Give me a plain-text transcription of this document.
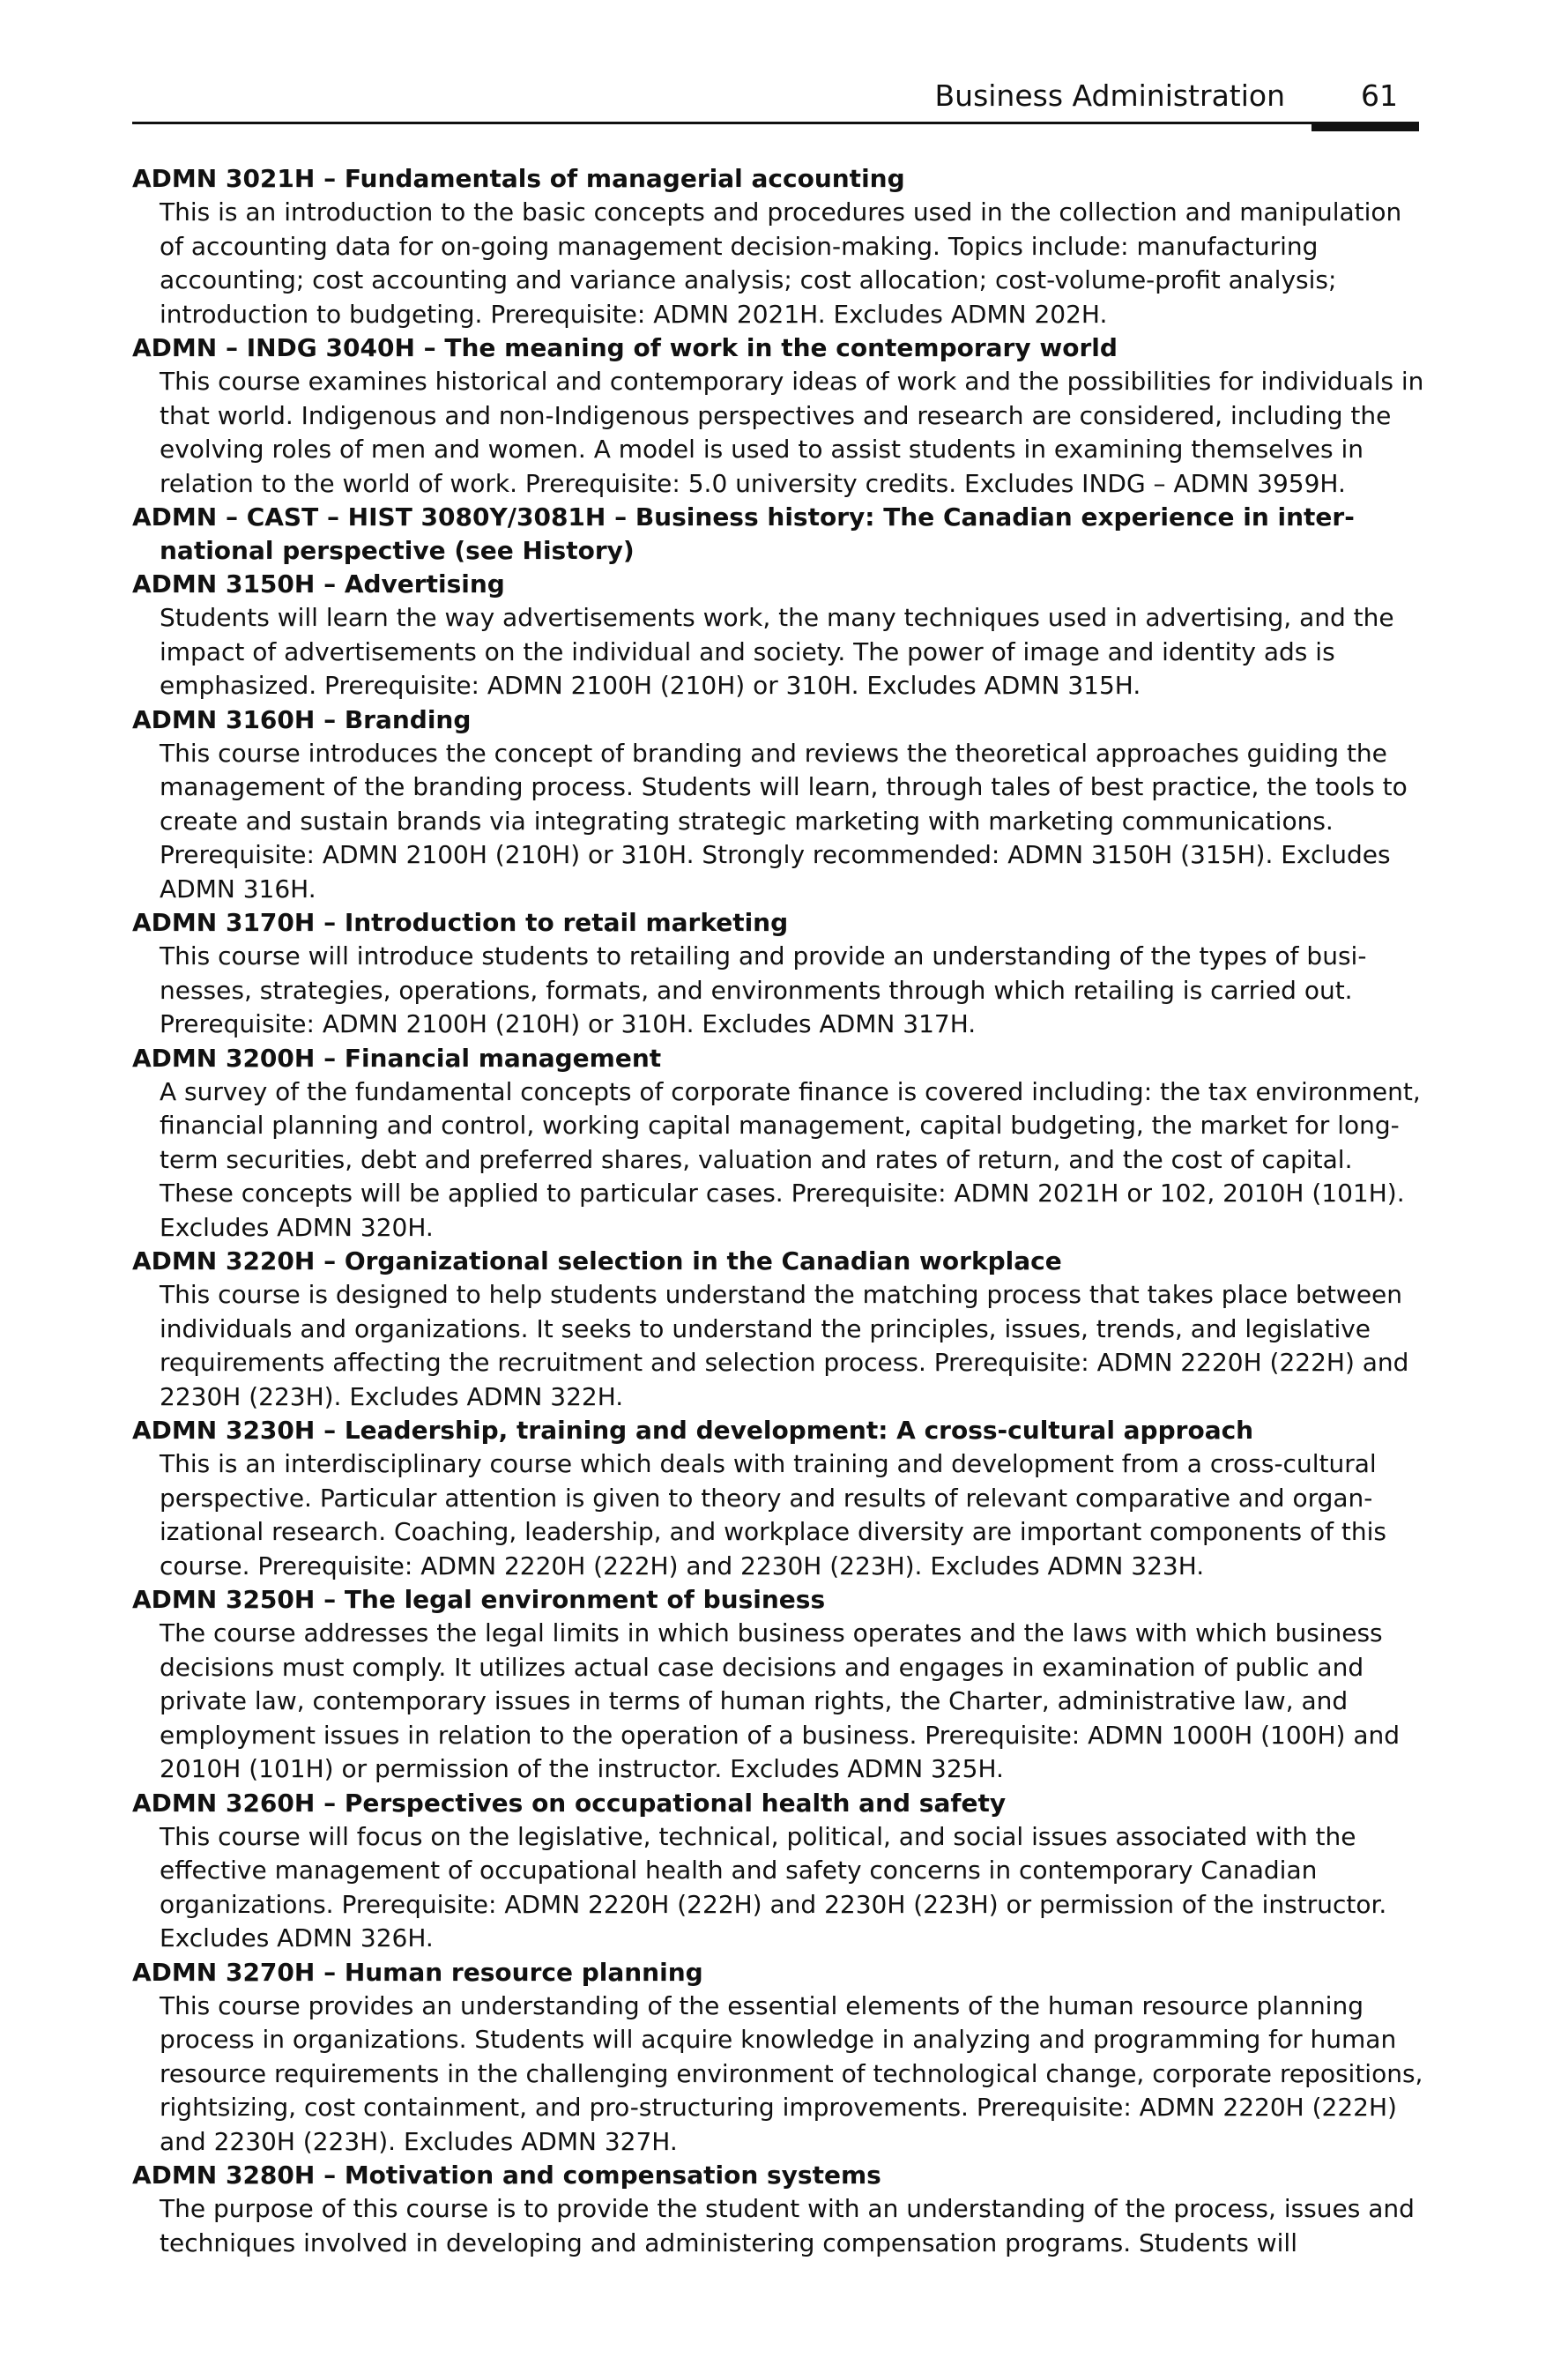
Business Administration	61

ADMN 3021H – Fundamentals of managerial accounting

This is an introduction to the basic concepts and procedures used in the collection and manipulation of accounting data for on-going management decision-making. Topics include: manufacturing accounting; cost accounting and variance analysis; cost allocation; cost-volume-profit analysis; introduction to budgeting. Prerequisite: ADMN 2021H. Excludes ADMN 202H.

ADMN – INDG 3040H – The meaning of work in the contemporary world

This course examines historical and contemporary ideas of work and the possibilities for individuals in that world. Indigenous and non-Indigenous perspectives and research are considered, including the evolving roles of men and women. A model is used to assist students in examining themselves in relation to the world of work. Prerequisite: 5.0 university credits. Excludes INDG – ADMN 3959H.

ADMN – CAST – HIST 3080Y/3081H – Business history: The Canadian experience in international perspective (see History)

ADMN 3150H – Advertising

Students will learn the way advertisements work, the many techniques used in advertising, and the impact of advertisements on the individual and society. The power of image and identity ads is emphasized. Prerequisite: ADMN 2100H (210H) or 310H. Excludes ADMN 315H.

ADMN 3160H – Branding

This course introduces the concept of branding and reviews the theoretical approaches guiding the management of the branding process. Students will learn, through tales of best practice, the tools to create and sustain brands via integrating strategic marketing with marketing communications. Prerequisite: ADMN 2100H (210H) or 310H. Strongly recommended: ADMN 3150H (315H). Excludes ADMN 316H.

ADMN 3170H – Introduction to retail marketing

This course will introduce students to retailing and provide an understanding of the types of businesses, strategies, operations, formats, and environments through which retailing is carried out. Prerequisite: ADMN 2100H (210H) or 310H. Excludes ADMN 317H.

ADMN 3200H – Financial management

A survey of the fundamental concepts of corporate finance is covered including: the tax environment, financial planning and control, working capital management, capital budgeting, the market for long-term securities, debt and preferred shares, valuation and rates of return, and the cost of capital. These concepts will be applied to particular cases. Prerequisite: ADMN 2021H or 102, 2010H (101H). Excludes ADMN 320H.

ADMN 3220H – Organizational selection in the Canadian workplace

This course is designed to help students understand the matching process that takes place between individuals and organizations. It seeks to understand the principles, issues, trends, and legislative requirements affecting the recruitment and selection process. Prerequisite: ADMN 2220H (222H) and 2230H (223H). Excludes ADMN 322H.

ADMN 3230H – Leadership, training and development: A cross-cultural approach

This is an interdisciplinary course which deals with training and development from a cross-cultural perspective. Particular attention is given to theory and results of relevant comparative and organizational research. Coaching, leadership, and workplace diversity are important components of this course. Prerequisite: ADMN 2220H (222H) and 2230H (223H). Excludes ADMN 323H.

ADMN 3250H – The legal environment of business

The course addresses the legal limits in which business operates and the laws with which business decisions must comply. It utilizes actual case decisions and engages in examination of public and private law, contemporary issues in terms of human rights, the Charter, administrative law, and employment issues in relation to the operation of a business. Prerequisite: ADMN 1000H (100H) and 2010H (101H) or permission of the instructor. Excludes ADMN 325H.

ADMN 3260H – Perspectives on occupational health and safety

This course will focus on the legislative, technical, political, and social issues associated with the effective management of occupational health and safety concerns in contemporary Canadian organizations. Prerequisite: ADMN 2220H (222H) and 2230H (223H) or permission of the instructor. Excludes ADMN 326H.

ADMN 3270H – Human resource planning

This course provides an understanding of the essential elements of the human resource planning process in organizations. Students will acquire knowledge in analyzing and programming for human resource requirements in the challenging environment of technological change, corporate repositions, rightsizing, cost containment, and pro-structuring improvements. Prerequisite: ADMN 2220H (222H) and 2230H (223H). Excludes ADMN 327H.

ADMN 3280H – Motivation and compensation systems

The purpose of this course is to provide the student with an understanding of the process, issues and techniques involved in developing and administering compensation programs. Students will
